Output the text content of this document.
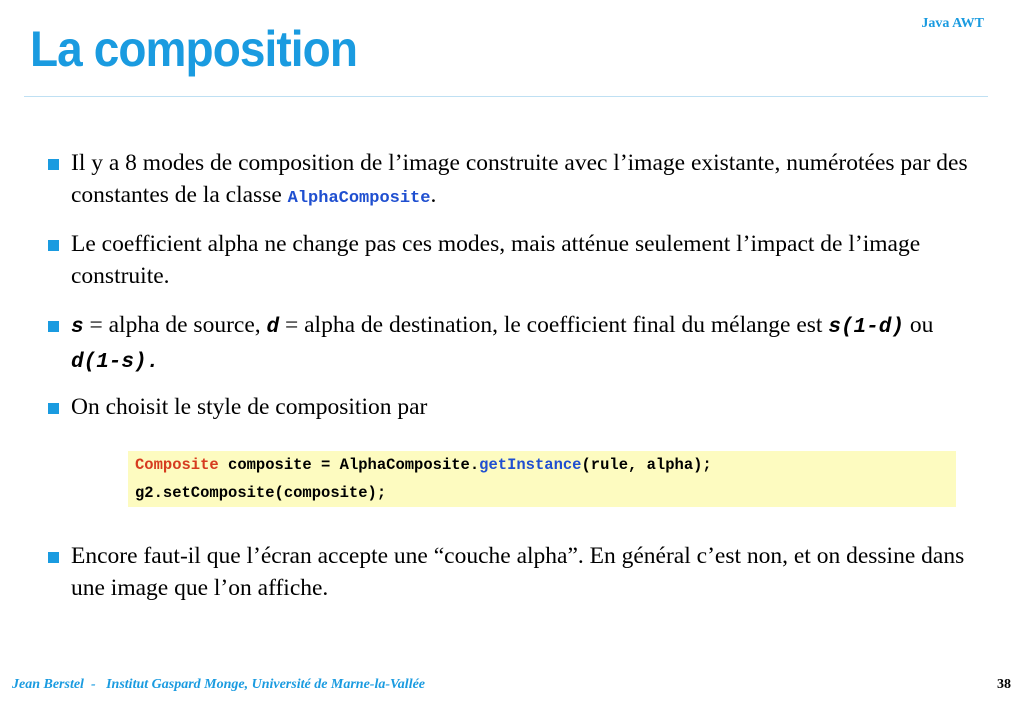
Java AWT
La composition
Il y a 8 modes de composition de l’image construite avec l’image existante, numérotées par des constantes de la classe AlphaComposite.
Le coefficient alpha ne change pas ces modes, mais atténue seulement l’impact de l’image construite.
s = alpha de source, d = alpha de destination, le coefficient final du mélange est s(1-d) ou d(1-s).
On choisit le style de composition par
Composite composite = AlphaComposite.getInstance(rule, alpha);
g2.setComposite(composite);
Encore faut-il que l’écran accepte une “couche alpha”. En général c’est non, et on dessine dans une image que l’on affiche.
Jean Berstel  -   Institut Gaspard Monge, Université de Marne-la-Vallée	38
